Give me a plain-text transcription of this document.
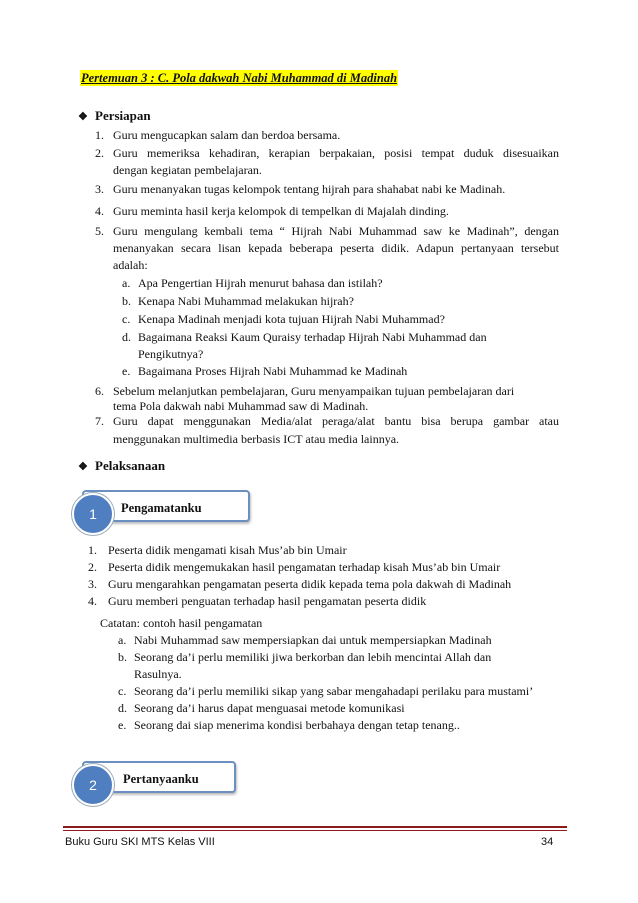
Pertemuan 3 : C. Pola dakwah Nabi Muhammad di Madinah
❖ Persiapan
1. Guru mengucapkan salam dan berdoa bersama.
2. Guru memeriksa kehadiran, kerapian berpakaian, posisi tempat duduk disesuaikan
dengan kegiatan pembelajaran.
3. Guru menanyakan tugas kelompok tentang hijrah para shahabat nabi ke Madinah.
4. Guru meminta hasil kerja kelompok di tempelkan di Majalah dinding.
5. Guru mengulang kembali tema “ Hijrah Nabi Muhammad saw ke Madinah”, dengan
menanyakan secara lisan kepada beberapa peserta didik. Adapun pertanyaan tersebut
adalah:
a. Apa Pengertian Hijrah menurut bahasa dan istilah?
b. Kenapa Nabi Muhammad melakukan hijrah?
c. Kenapa Madinah menjadi kota tujuan Hijrah Nabi Muhammad?
d. Bagaimana Reaksi Kaum Quraisy terhadap Hijrah Nabi Muhammad dan
Pengikutnya?
e. Bagaimana Proses Hijrah Nabi Muhammad ke Madinah
6. Sebelum melanjutkan pembelajaran, Guru menyampaikan tujuan pembelajaran dari
tema Pola dakwah nabi Muhammad saw di Madinah.
7. Guru dapat menggunakan Media/alat peraga/alat bantu bisa berupa gambar atau
menggunakan multimedia berbasis ICT atau media lainnya.
❖ Pelaksanaan
1	Pengamatanku
1. Peserta didik mengamati kisah Mus’ab bin Umair
2. Peserta didik mengemukakan hasil pengamatan terhadap kisah Mus’ab bin Umair
3. Guru mengarahkan pengamatan peserta didik kepada tema pola dakwah di Madinah
4. Guru memberi penguatan terhadap hasil pengamatan peserta didik
Catatan: contoh hasil pengamatan
a. Nabi Muhammad saw mempersiapkan dai untuk mempersiapkan Madinah
b. Seorang da’i perlu memiliki jiwa berkorban dan lebih mencintai Allah dan
Rasulnya.
c. Seorang da’i perlu memiliki sikap yang sabar mengahadapi perilaku para mustami’
d. Seorang da’i harus dapat menguasai metode komunikasi
e. Seorang dai siap menerima kondisi berbahaya dengan tetap tenang..
2	Pertanyaanku
Buku Guru SKI MTS Kelas VIII	34
